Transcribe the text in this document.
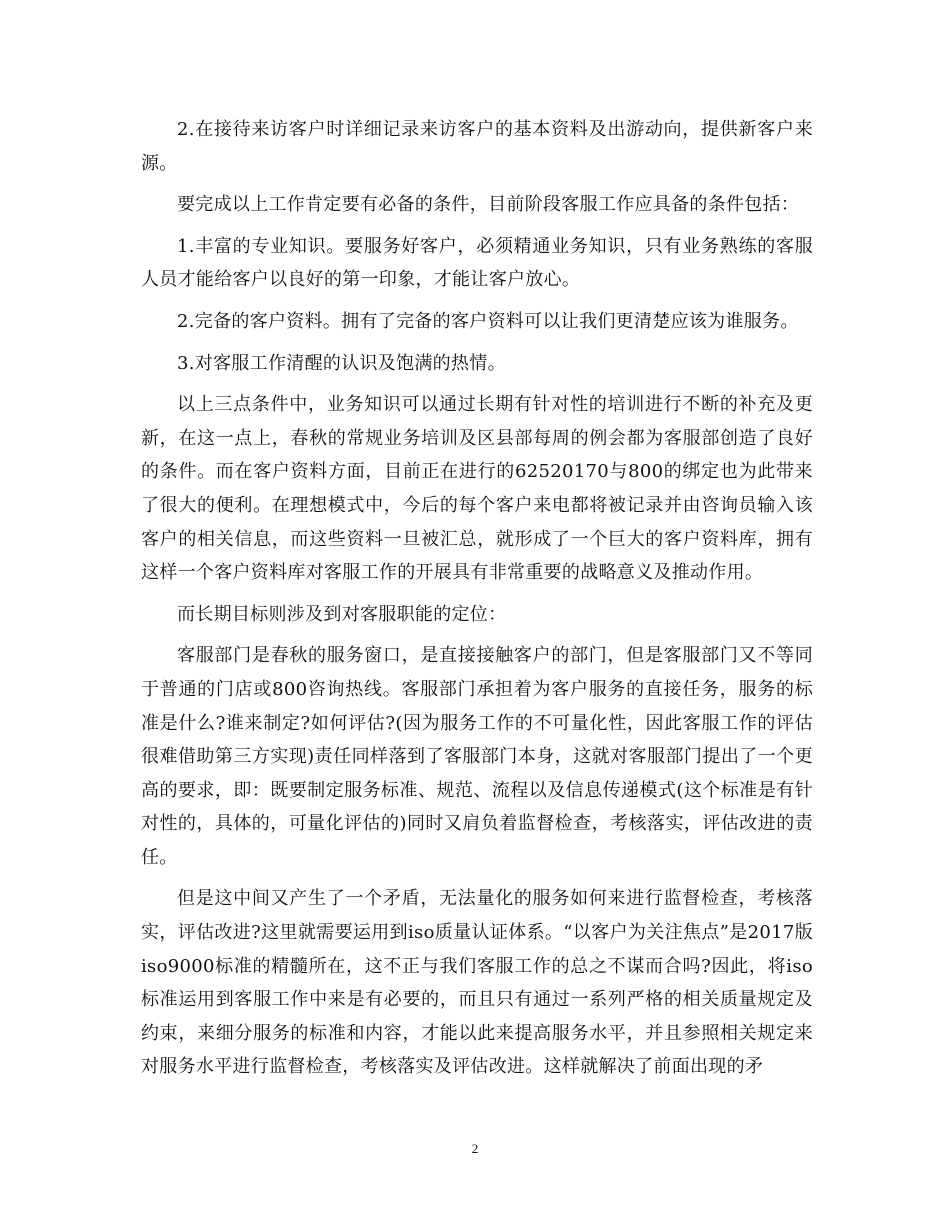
2.在接待来访客户时详细记录来访客户的基本资料及出游动向，提供新客户来源。

要完成以上工作肯定要有必备的条件，目前阶段客服工作应具备的条件包括：

1.丰富的专业知识。要服务好客户，必须精通业务知识，只有业务熟练的客服人员才能给客户以良好的第一印象，才能让客户放心。

2.完备的客户资料。拥有了完备的客户资料可以让我们更清楚应该为谁服务。

3.对客服工作清醒的认识及饱满的热情。

以上三点条件中，业务知识可以通过长期有针对性的培训进行不断的补充及更新，在这一点上，春秋的常规业务培训及区县部每周的例会都为客服部创造了良好的条件。而在客户资料方面，目前正在进行的62520170与800的绑定也为此带来了很大的便利。在理想模式中，今后的每个客户来电都将被记录并由咨询员输入该客户的相关信息，而这些资料一旦被汇总，就形成了一个巨大的客户资料库，拥有这样一个客户资料库对客服工作的开展具有非常重要的战略意义及推动作用。

而长期目标则涉及到对客服职能的定位：

客服部门是春秋的服务窗口，是直接接触客户的部门，但是客服部门又不等同于普通的门店或800咨询热线。客服部门承担着为客户服务的直接任务，服务的标准是什么?谁来制定?如何评估?(因为服务工作的不可量化性，因此客服工作的评估很难借助第三方实现)责任同样落到了客服部门本身，这就对客服部门提出了一个更高的要求，即：既要制定服务标准、规范、流程以及信息传递模式(这个标准是有针对性的，具体的，可量化评估的)同时又肩负着监督检查，考核落实，评估改进的责任。

但是这中间又产生了一个矛盾，无法量化的服务如何来进行监督检查，考核落实，评估改进?这里就需要运用到iso质量认证体系。“以客户为关注焦点”是2017版iso9000标准的精髓所在，这不正与我们客服工作的总之不谋而合吗?因此，将iso标准运用到客服工作中来是有必要的，而且只有通过一系列严格的相关质量规定及约束，来细分服务的标准和内容，才能以此来提高服务水平，并且参照相关规定来对服务水平进行监督检查，考核落实及评估改进。这样就解决了前面出现的矛

2
